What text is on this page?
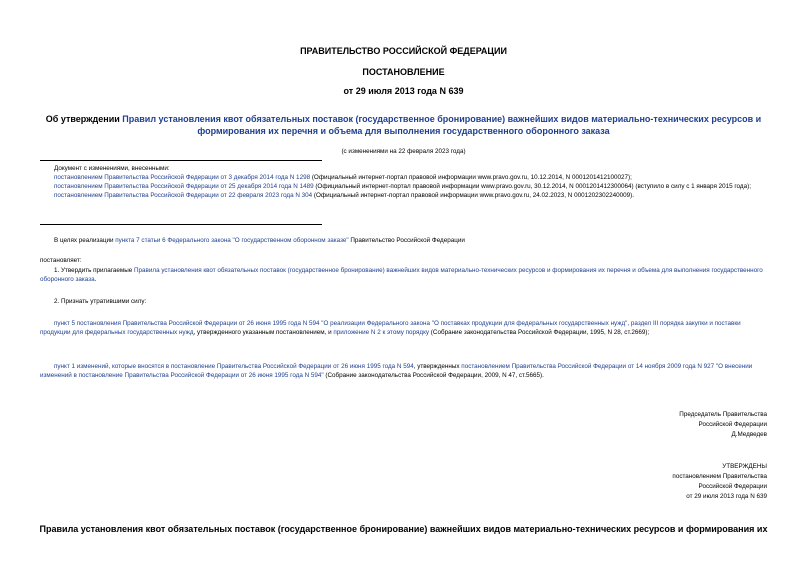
ПРАВИТЕЛЬСТВО РОССИЙСКОЙ ФЕДЕРАЦИИ
ПОСТАНОВЛЕНИЕ
от 29 июля 2013 года N 639
Об утверждении Правил установления квот обязательных поставок (государственное бронирование) важнейших видов материально-технических ресурсов и формирования их перечня и объема для выполнения государственного оборонного заказа
(с изменениями на 22 февраля 2023 года)
Документ с изменениями, внесенными:
постановлением Правительства Российской Федерации от 3 декабря 2014 года N 1298 (Официальный интернет-портал правовой информации www.pravo.gov.ru, 10.12.2014, N 0001201412100027);
постановлением Правительства Российской Федерации от 25 декабря 2014 года N 1489 (Официальный интернет-портал правовой информации www.pravo.gov.ru, 30.12.2014, N 0001201412300064) (вступило в силу с 1 января 2015 года);
постановлением Правительства Российской Федерации от 22 февраля 2023 года N 304 (Официальный интернет-портал правовой информации www.pravo.gov.ru, 24.02.2023, N 0001202302240009).
В целях реализации пункта 7 статьи 6 Федерального закона "О государственном оборонном заказе" Правительство Российской Федерации
постановляет:
1. Утвердить прилагаемые Правила установления квот обязательных поставок (государственное бронирование) важнейших видов материально-технических ресурсов и формирования их перечня и объема для выполнения государственного оборонного заказа.
2. Признать утратившими силу:
пункт 5 постановления Правительства Российской Федерации от 26 июня 1995 года N 594 "О реализации Федерального закона "О поставках продукции для федеральных государственных нужд", раздел III порядка закупки и поставки продукции для федеральных государственных нужд, утвержденного указанным постановлением, и приложение N 2 к этому порядку (Собрание законодательства Российской Федерации, 1995, N 28, ст.2669);
пункт 1 изменений, которые вносятся в постановление Правительства Российской Федерации от 26 июня 1995 года N 594, утвержденных постановлением Правительства Российской Федерации от 14 ноября 2009 года N 927 "О внесении изменений в постановление Правительства Российской Федерации от 26 июня 1995 года N 594" (Собрание законодательства Российской Федерации, 2009, N 47, ст.5665).
Председатель Правительства
Российской Федерации
Д.Медведев
УТВЕРЖДЕНЫ
постановлением Правительства
Российской Федерации
от 29 июля 2013 года N 639
Правила установления квот обязательных поставок (государственное бронирование) важнейших видов материально-технических ресурсов и формирования их
